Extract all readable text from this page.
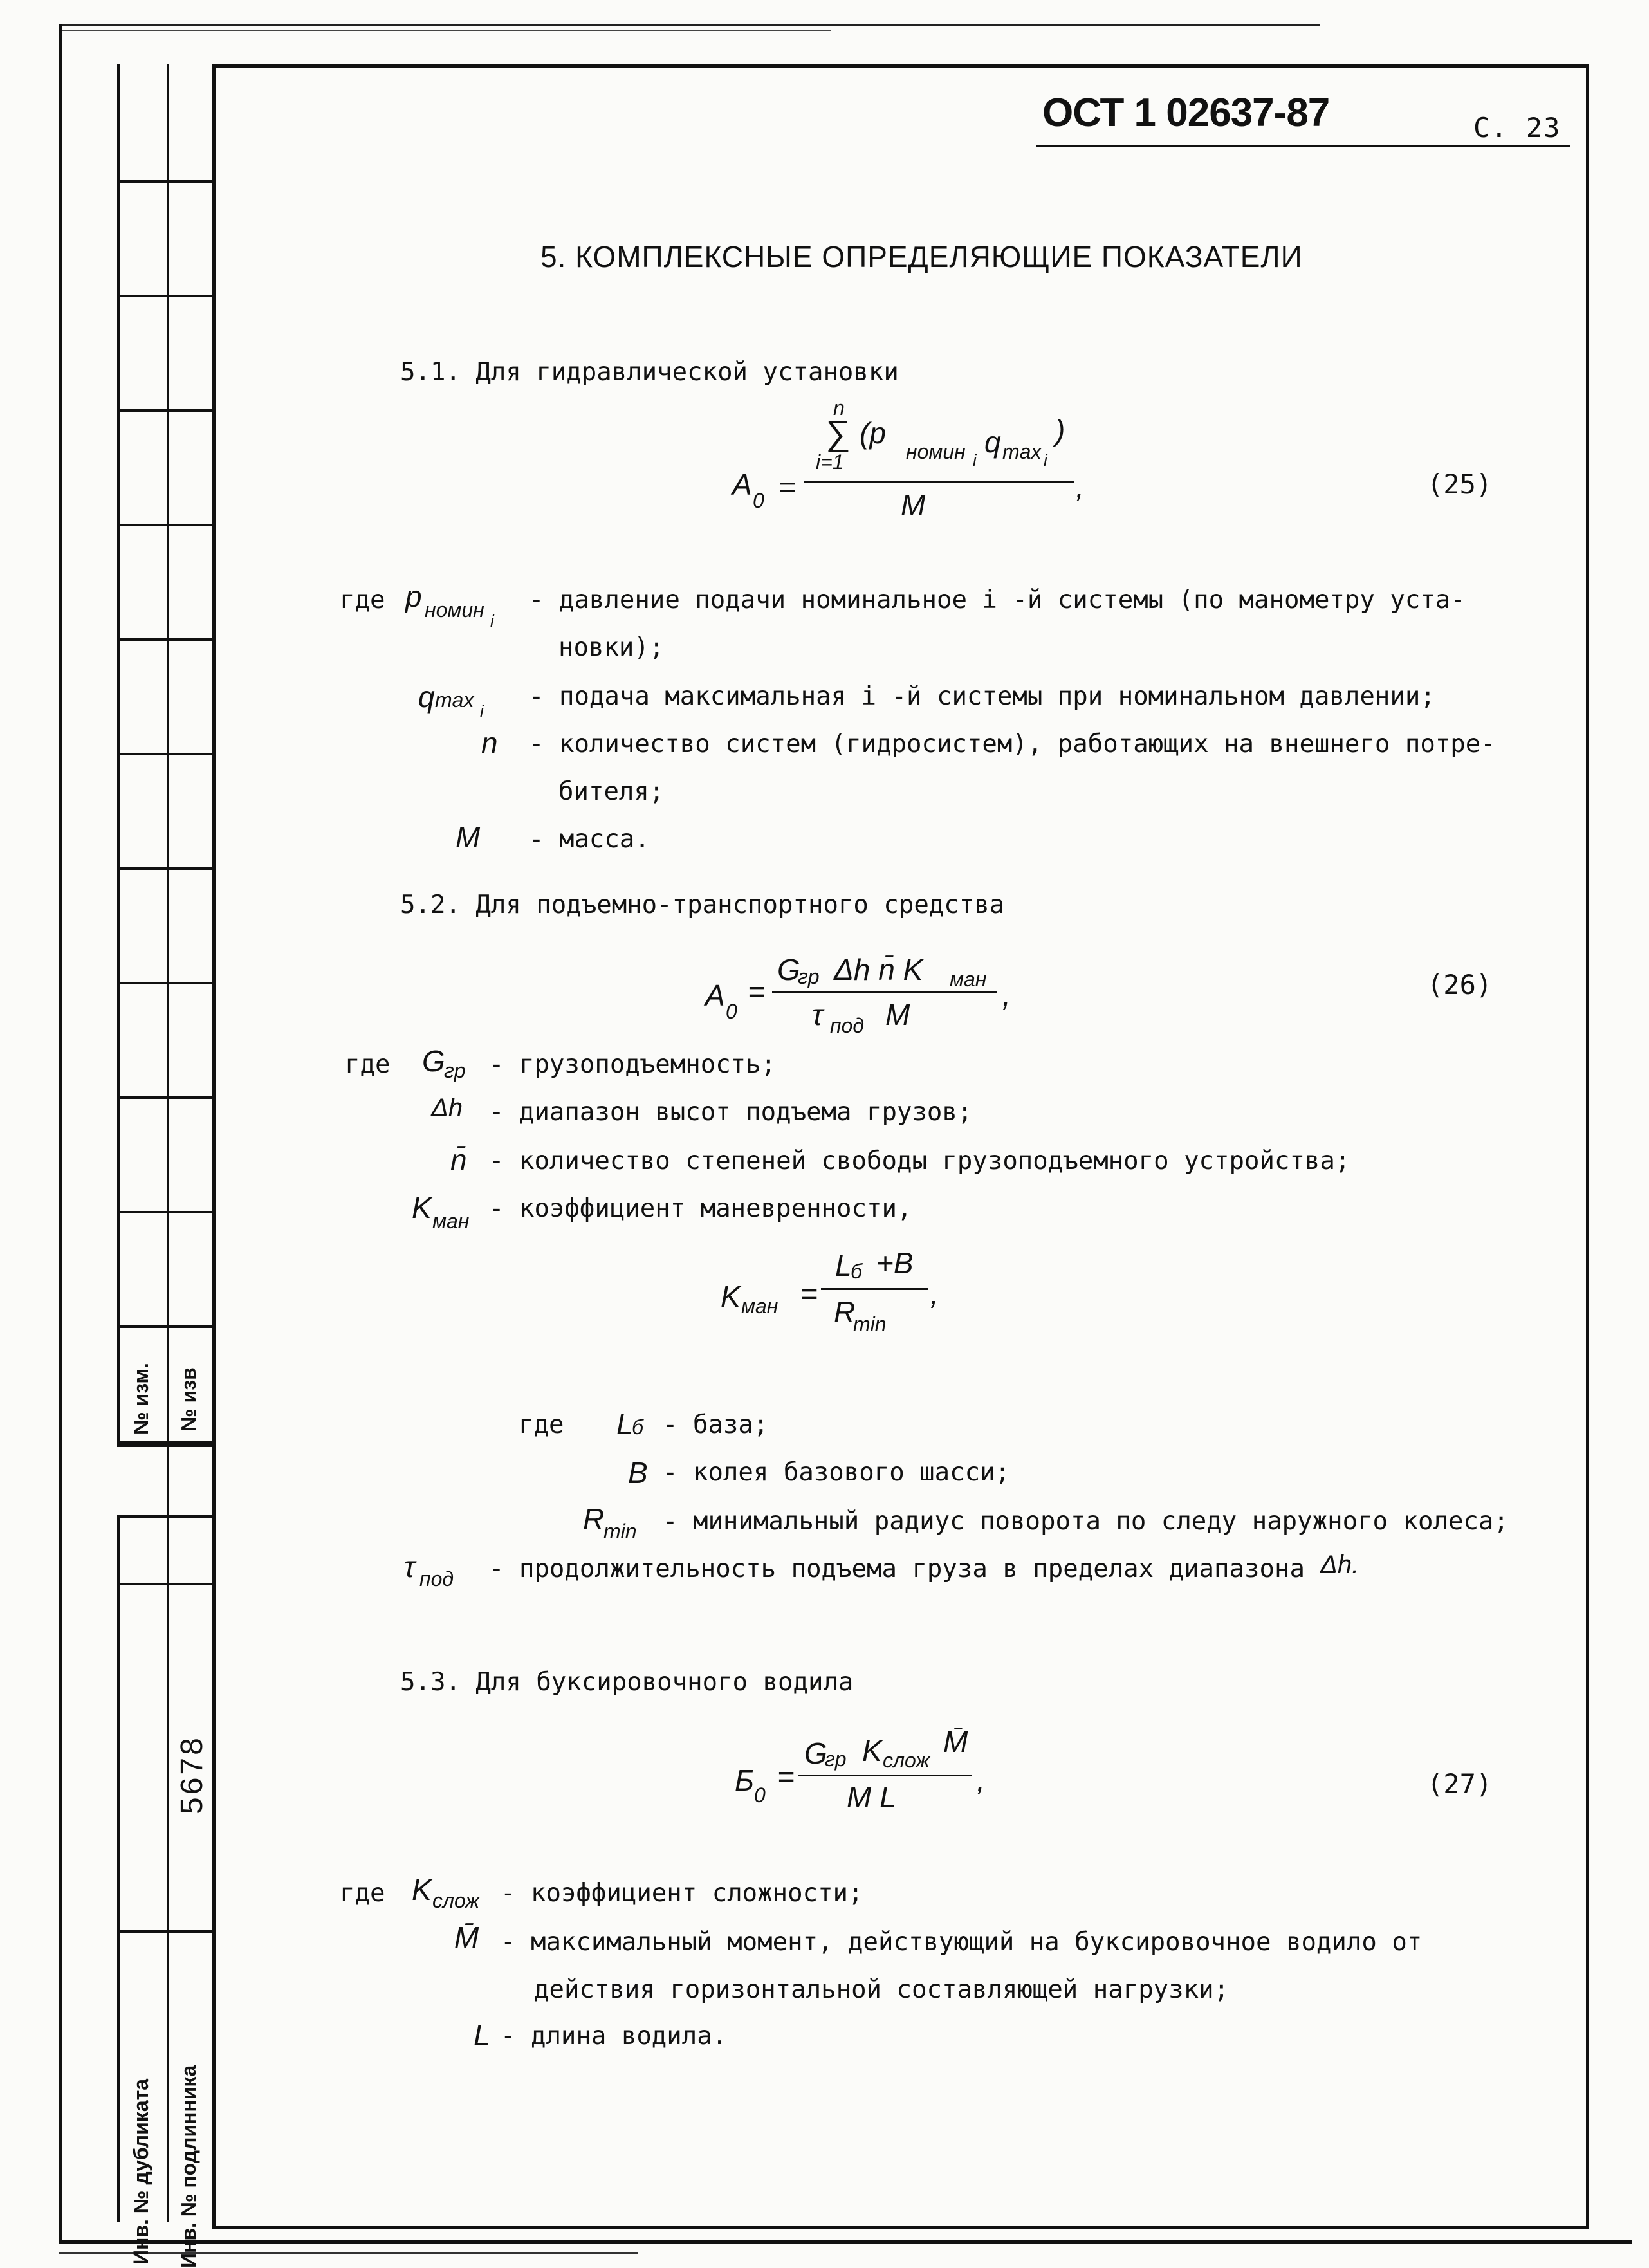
№ изм. № изв
5678
Инв. № дубликата Инв. № подлинника
ОСТ 1 02637-87	С. 23
5. КОМПЛЕКСНЫЕ ОПРЕДЕЛЯЮЩИЕ ПОКАЗАТЕЛИ
5.1. Для гидравлической установки
A 0 =
n
∑
i=1
(p
номин i
q max i
)
M
,	(25)
где p номин i
- давление подачи номинальное i -й системы (по манометру уста-
новки);
q max i - подача максимальная i -й системы при номинальном давлении;
n - количество систем (гидросистем), работающих на внешнего потре-
бителя;
M - масса.
5.2. Для подъемно-транспортного средства
A 0
=
G
гр Δh n̄ K ман
τ под M
,	(26)
где G
гр - грузоподъемность;
Δh - диапазон высот подъема грузов;
n̄ - количество степеней свободы грузоподъемного устройства;
K ман - коэффициент маневренности,
K ман =
L
б +B
R
min
,
где L
б - база;
B - колея базового шасси;
R
min - минимальный радиус поворота по следу наружного колеса;
τ под - продолжительность подъема груза в пределах диапазона Δh.
5.3. Для буксировочного водила
Б 0
=
G
гр K слож
M̄
M L	,	(27)
где K слож - коэффициент сложности;
M̄ - максимальный момент, действующий на буксировочное водило от
действия горизонтальной составляющей нагрузки;
L - длина водила.
